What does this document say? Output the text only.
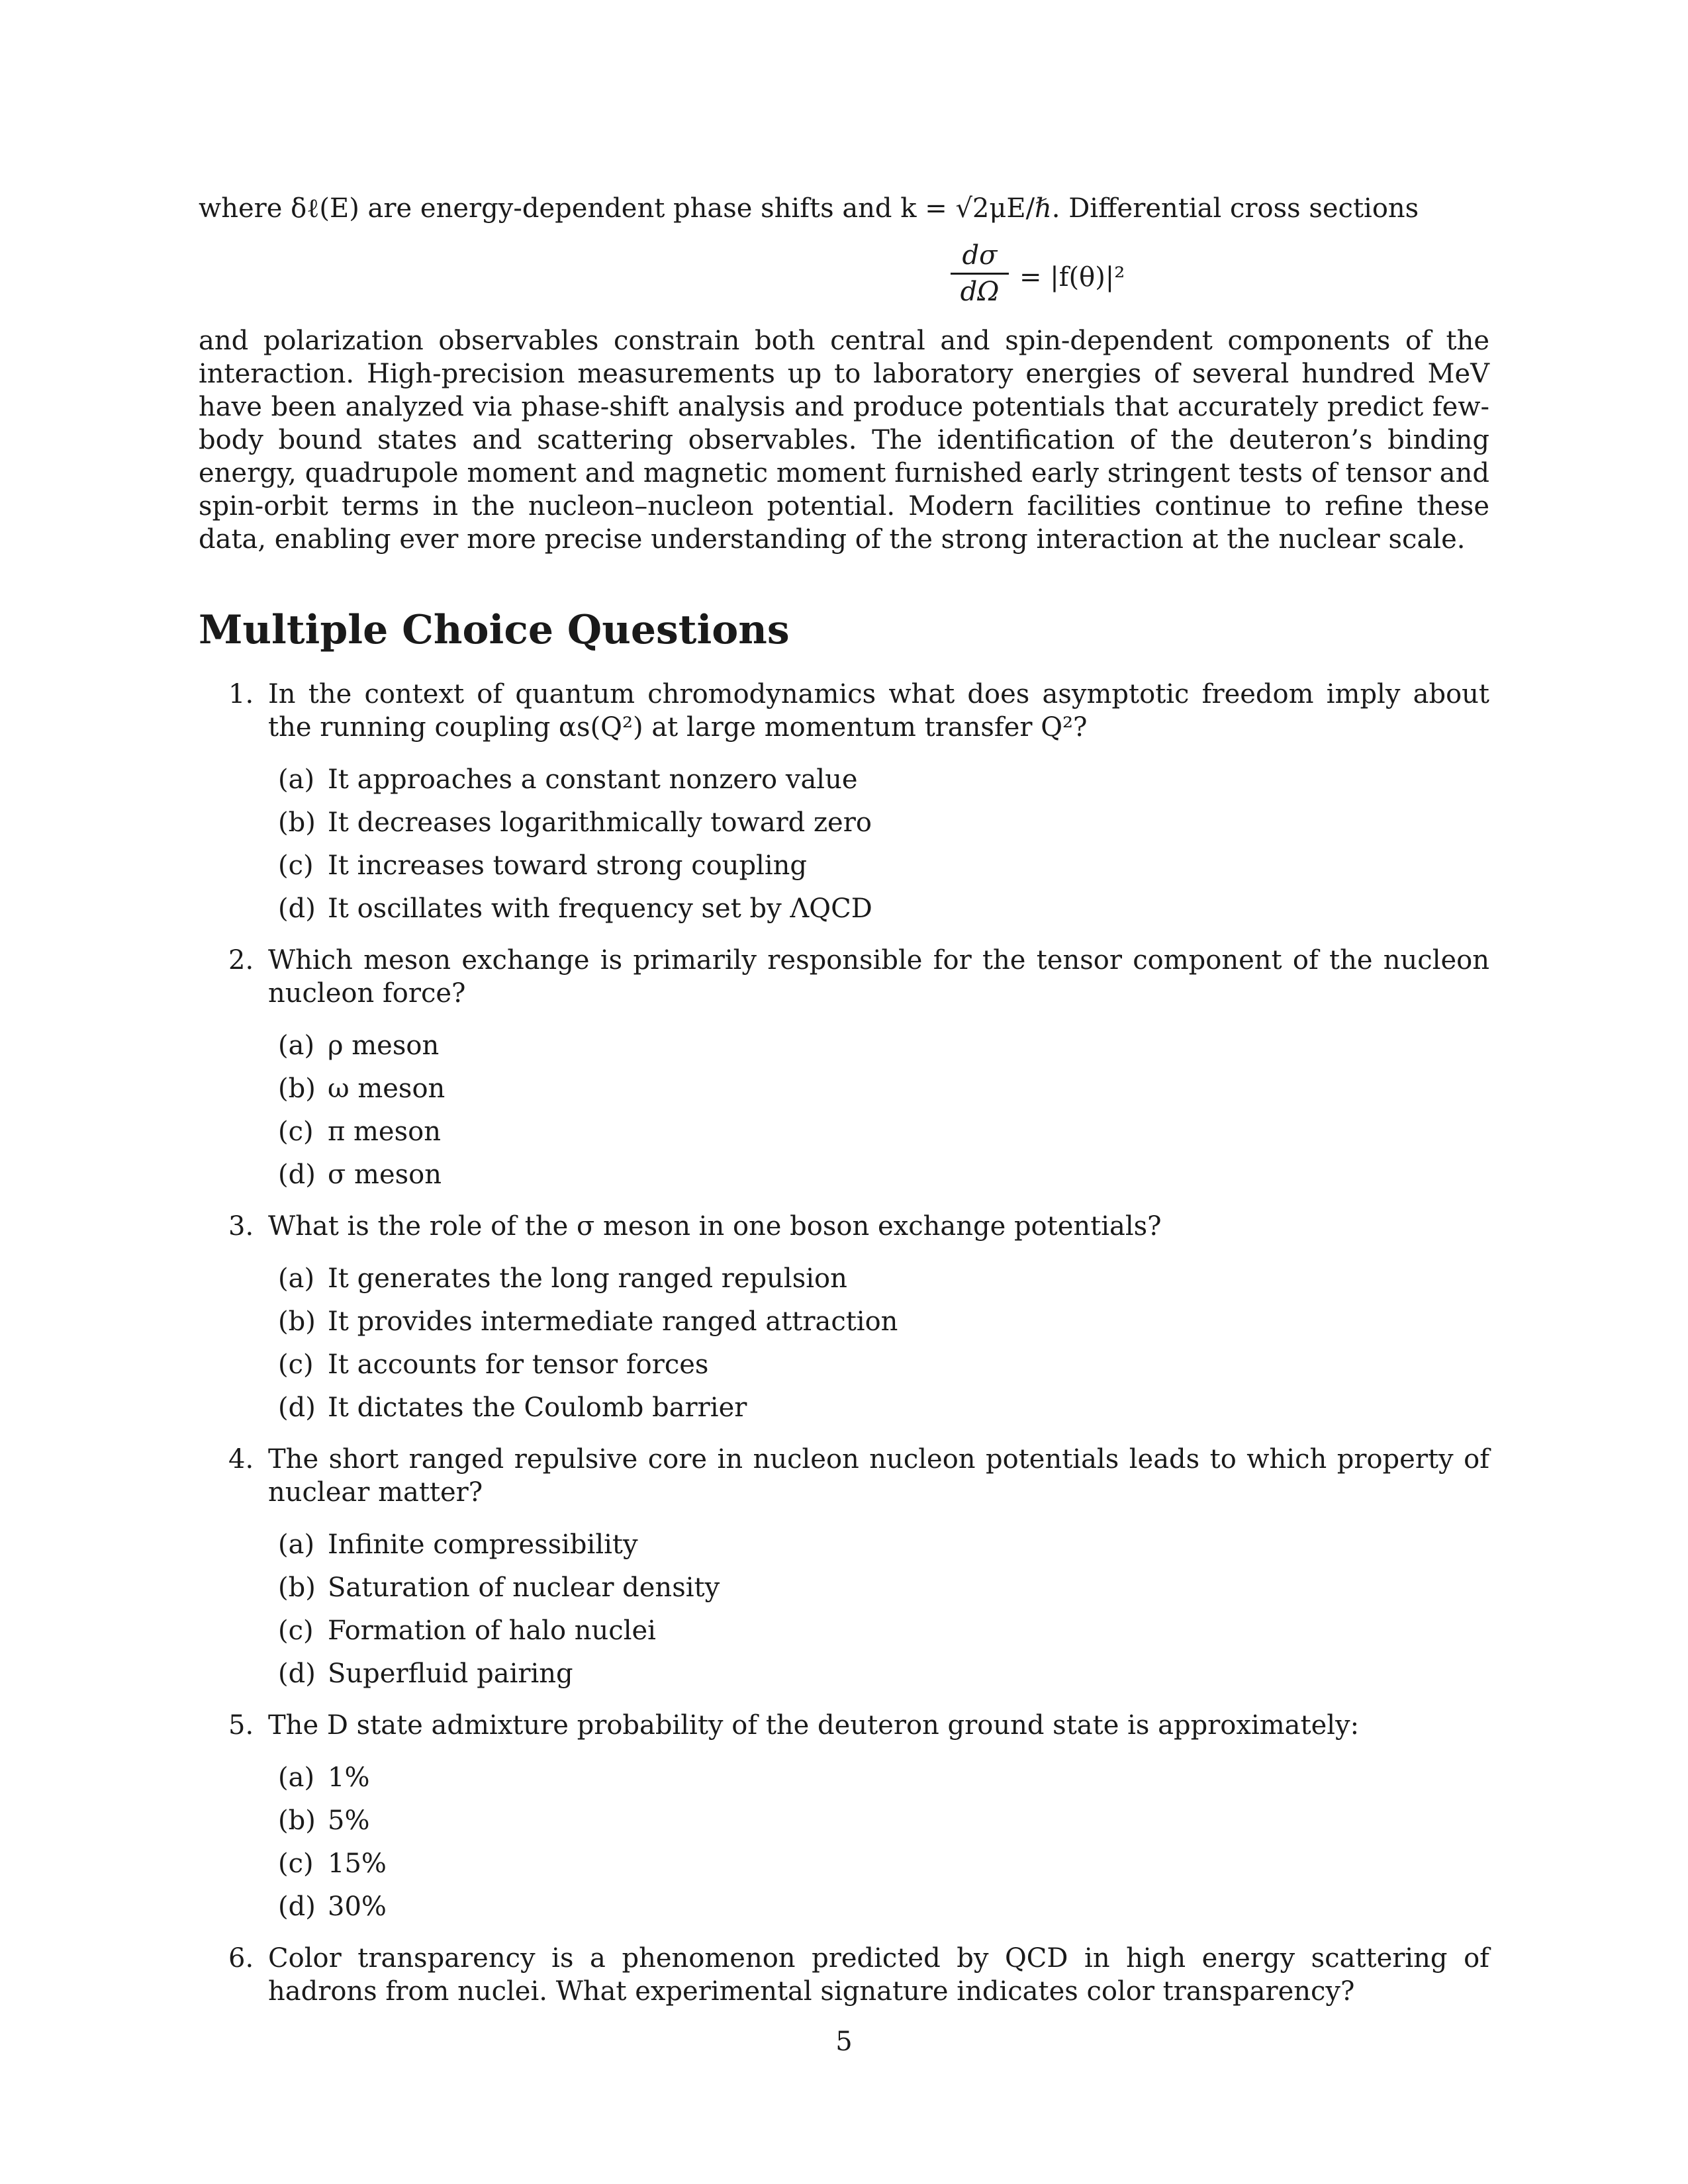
where δℓ(E) are energy-dependent phase shifts and k = √2μE/ℏ. Differential cross sections
dσ
dΩ = |f(θ)|²
and polarization observables constrain both central and spin-dependent components of the interaction. High-precision measurements up to laboratory energies of several hundred MeV have been analyzed via phase-shift analysis and produce potentials that accurately predict few-body bound states and scattering observables. The identification of the deuteron’s binding energy, quadrupole moment and magnetic moment furnished early stringent tests of tensor and spin-orbit terms in the nucleon–nucleon potential. Modern facilities continue to refine these data, enabling ever more precise understanding of the strong interaction at the nuclear scale.
Multiple Choice Questions
1. In the context of quantum chromodynamics what does asymptotic freedom imply about the running coupling αs(Q²) at large momentum transfer Q²?
(a) It approaches a constant nonzero value
(b) It decreases logarithmically toward zero
(c) It increases toward strong coupling
(d) It oscillates with frequency set by ΛQCD
2. Which meson exchange is primarily responsible for the tensor component of the nucleon nucleon force?
(a) ρ meson
(b) ω meson
(c) π meson
(d) σ meson
3. What is the role of the σ meson in one boson exchange potentials?
(a) It generates the long ranged repulsion
(b) It provides intermediate ranged attraction
(c) It accounts for tensor forces
(d) It dictates the Coulomb barrier
4. The short ranged repulsive core in nucleon nucleon potentials leads to which property of nuclear matter?
(a) Infinite compressibility
(b) Saturation of nuclear density
(c) Formation of halo nuclei
(d) Superfluid pairing
5. The D state admixture probability of the deuteron ground state is approximately:
(a) 1%
(b) 5%
(c) 15%
(d) 30%
6. Color transparency is a phenomenon predicted by QCD in high energy scattering of hadrons from nuclei. What experimental signature indicates color transparency?
5
